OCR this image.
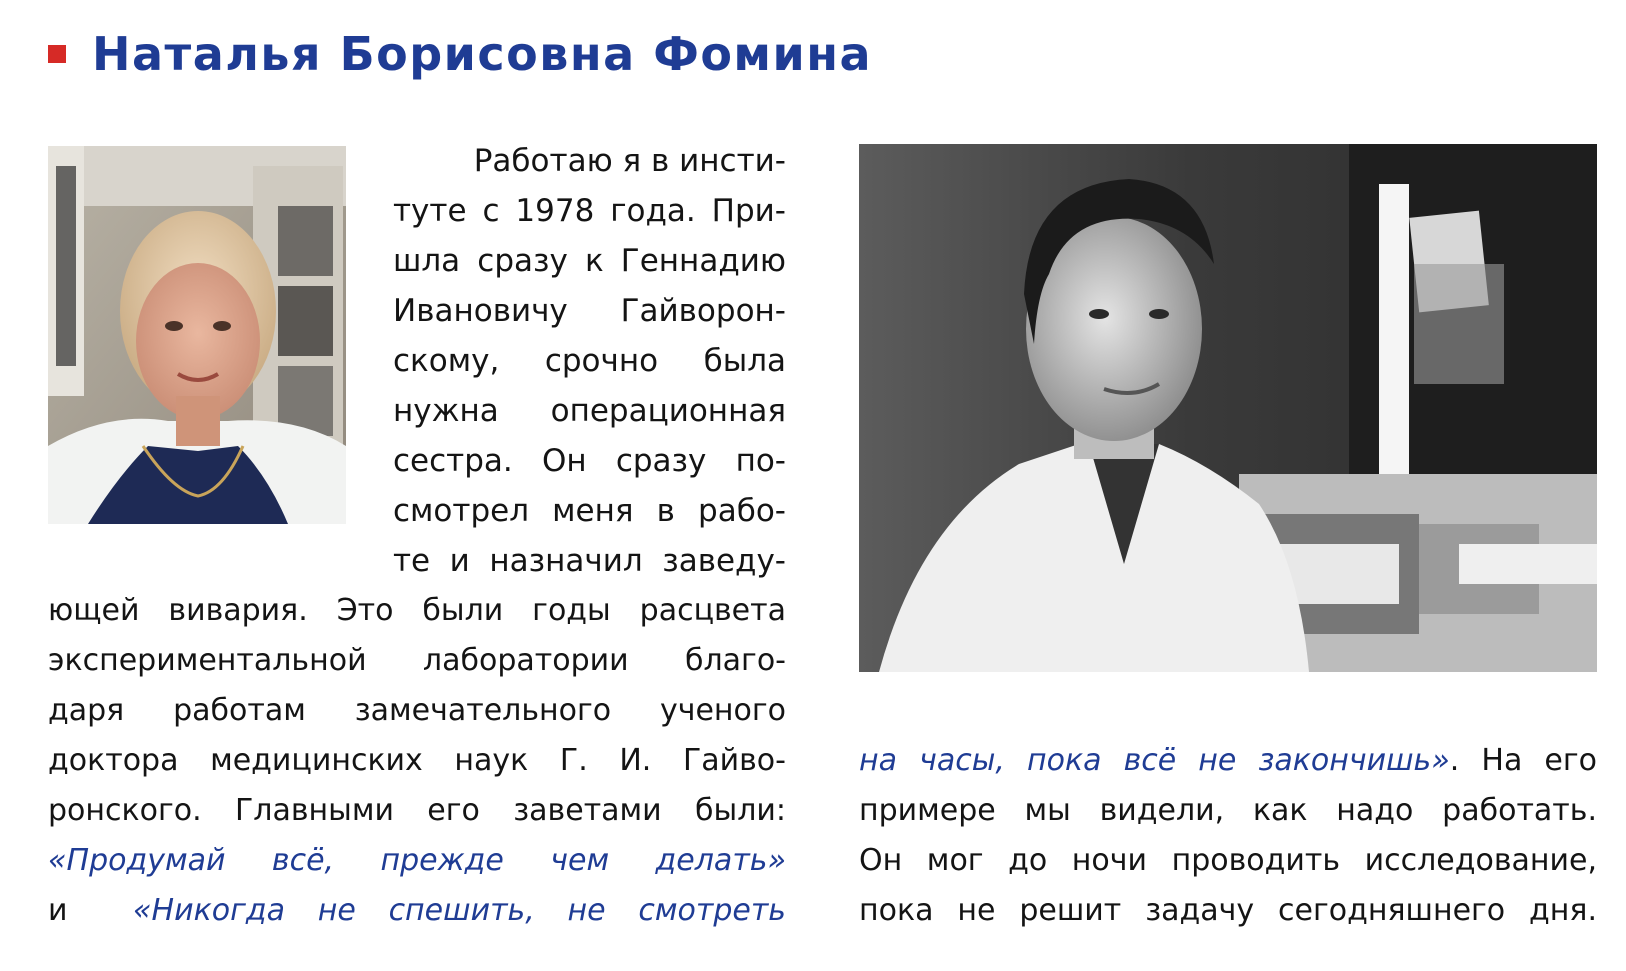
Наталья Борисовна Фомина
Работаю я в инсти-
туте с 1978 года. При-
шла сразу к Геннадию
Ивановичу Гайворон-
скому, срочно была
нужна операционная
сестра. Он сразу по-
смотрел меня в рабо-
те и назначил заведу-
ющей вивария. Это были годы расцвета
экспериментальной лаборатории благо-
даря работам замечательного ученого
доктора медицинских наук Г. И. Гайво-
ронского. Главными его заветами были:
«Продумай всё, прежде чем делать»
и «Никогда не спешить, не смотреть
на часы, пока всё не закончишь». На его
примере мы видели, как надо работать.
Он мог до ночи проводить исследование,
пока не решит задачу сегодняшнего дня.
